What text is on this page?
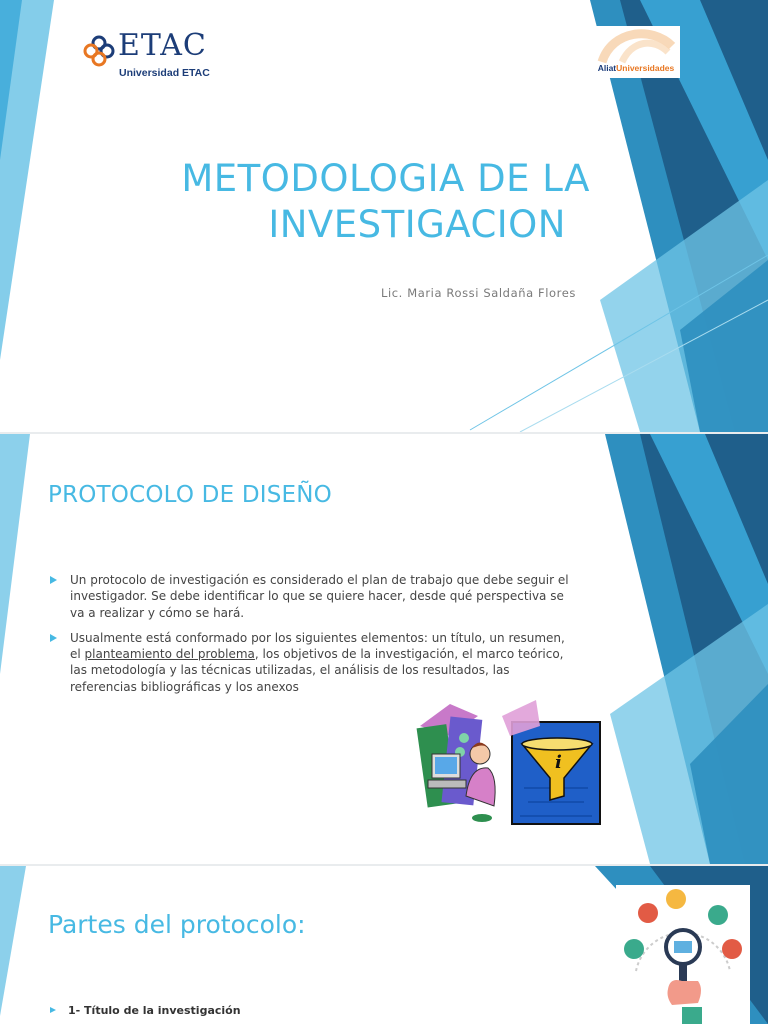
ETAC
Universidad ETAC	AliatUniversidades
METODOLOGIA DE LA
INVESTIGACION
Lic. Maria Rossi Saldaña Flores
PROTOCOLO DE DISEÑO
Un protocolo de investigación es considerado el plan de trabajo que debe seguir el investigador. Se debe identificar lo que se quiere hacer, desde qué perspectiva se va a realizar y cómo se hará.
Usualmente está conformado por los siguientes elementos: un título, un resumen, el planteamiento del problema, los objetivos de la investigación, el marco teórico, las metodología y las técnicas utilizadas, el análisis de los resultados, las referencias bibliográficas y los anexos
i
Partes del protocolo:
1- Título de la investigación
